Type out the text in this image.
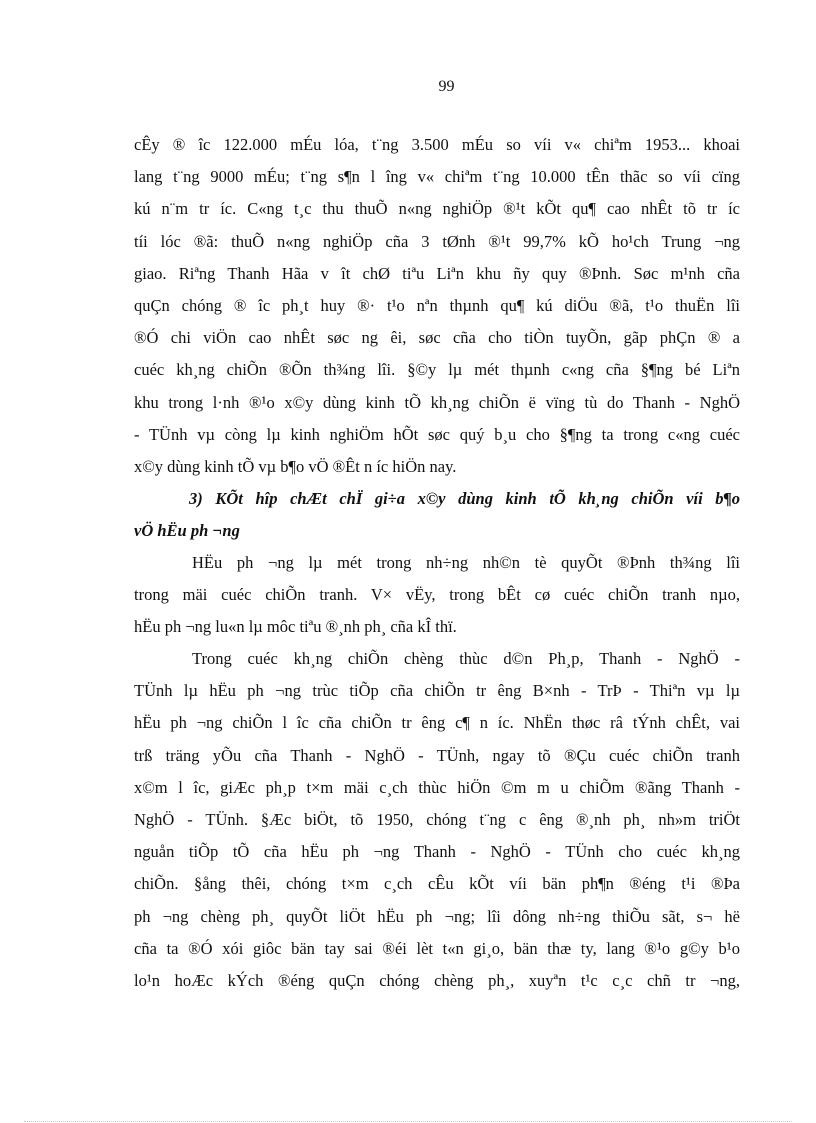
99
cÊy ® îc 122.000 mÉu lóa, t¨ng 3.500 mÉu so víi v« chiªm 1953... khoai
lang t¨ng 9000 mÉu; t¨ng s¶n l îng v« chiªm t¨ng 10.000 tÊn thãc so víi cïng
kú n¨m tr íc. C«ng t¸c thu thuÕ n«ng nghiÖp ®¹t kÕt qu¶ cao nhÊt tõ tr íc
tíi lóc ®ã: thuÕ n«ng nghiÖp cña 3 tØnh ®¹t 99,7% kÕ ho¹ch Trung ¬ng
giao. Riªng Thanh Hãa v ît chØ tiªu Liªn khu ñy quy ®Þnh. Søc m¹nh cña
quÇn chóng ® îc ph¸t huy ®· t¹o nªn thµnh qu¶ kú diÖu ®ã, t¹o thuËn lîi
®Ó chi viÖn cao nhÊt søc ng êi, søc cña cho tiÒn tuyÕn, gãp phÇn ® a
cuéc kh¸ng chiÕn ®Õn th¾ng lîi. §©y lµ mét thµnh c«ng cña §¶ng bé Liªn
khu trong l·nh ®¹o x©y dùng kinh tÕ kh¸ng chiÕn ë vïng tù do Thanh - NghÖ
- TÜnh vµ còng lµ kinh nghiÖm hÕt søc quý b¸u cho §¶ng ta trong c«ng cuéc
x©y dùng kinh tÕ vµ b¶o vÖ ®Êt n íc hiÖn nay.
3) KÕt hîp chÆt chÏ gi÷a x©y dùng kinh tÕ kh¸ng chiÕn víi b¶o
vÖ hËu ph ¬ng
HËu ph ¬ng lµ mét trong nh÷ng nh©n tè quyÕt ®Þnh th¾ng lîi
trong mäi cuéc chiÕn tranh. V× vËy, trong bÊt cø cuéc chiÕn tranh nµo,
hËu ph ¬ng lu«n lµ môc tiªu ®¸nh ph¸ cña kÎ thï.
Trong cuéc kh¸ng chiÕn chèng thùc d©n Ph¸p, Thanh - NghÖ -
TÜnh lµ hËu ph ¬ng trùc tiÕp cña chiÕn tr êng B×nh - TrÞ - Thiªn vµ lµ
hËu ph ¬ng chiÕn l îc cña chiÕn tr êng c¶ n íc. NhËn thøc râ tÝnh chÊt, vai
trß träng yÕu cña Thanh - NghÖ - TÜnh, ngay tõ ®Çu cuéc chiÕn tranh
x©m l îc, giÆc ph¸p t×m mäi c¸ch thùc hiÖn ©m m u chiÕm ®ãng Thanh -
NghÖ - TÜnh. §Æc biÖt, tõ 1950, chóng t¨ng c êng ®¸nh ph¸ nh»m triÖt
nguån tiÕp tÕ cña hËu ph ¬ng Thanh - NghÖ - TÜnh cho cuéc kh¸ng
chiÕn. §ång thêi, chóng t×m c¸ch cÊu kÕt víi bän ph¶n ®éng t¹i ®Þa
ph ¬ng chèng ph¸ quyÕt liÖt hËu ph ¬ng; lîi dông nh÷ng thiÕu sãt, s¬ hë
cña ta ®Ó xói giôc bän tay sai ®éi lèt t«n gi¸o, bän thæ ty, lang ®¹o g©y b¹o
lo¹n hoÆc kÝch ®éng quÇn chóng chèng ph¸, xuyªn t¹c c¸c chñ tr ¬ng,
